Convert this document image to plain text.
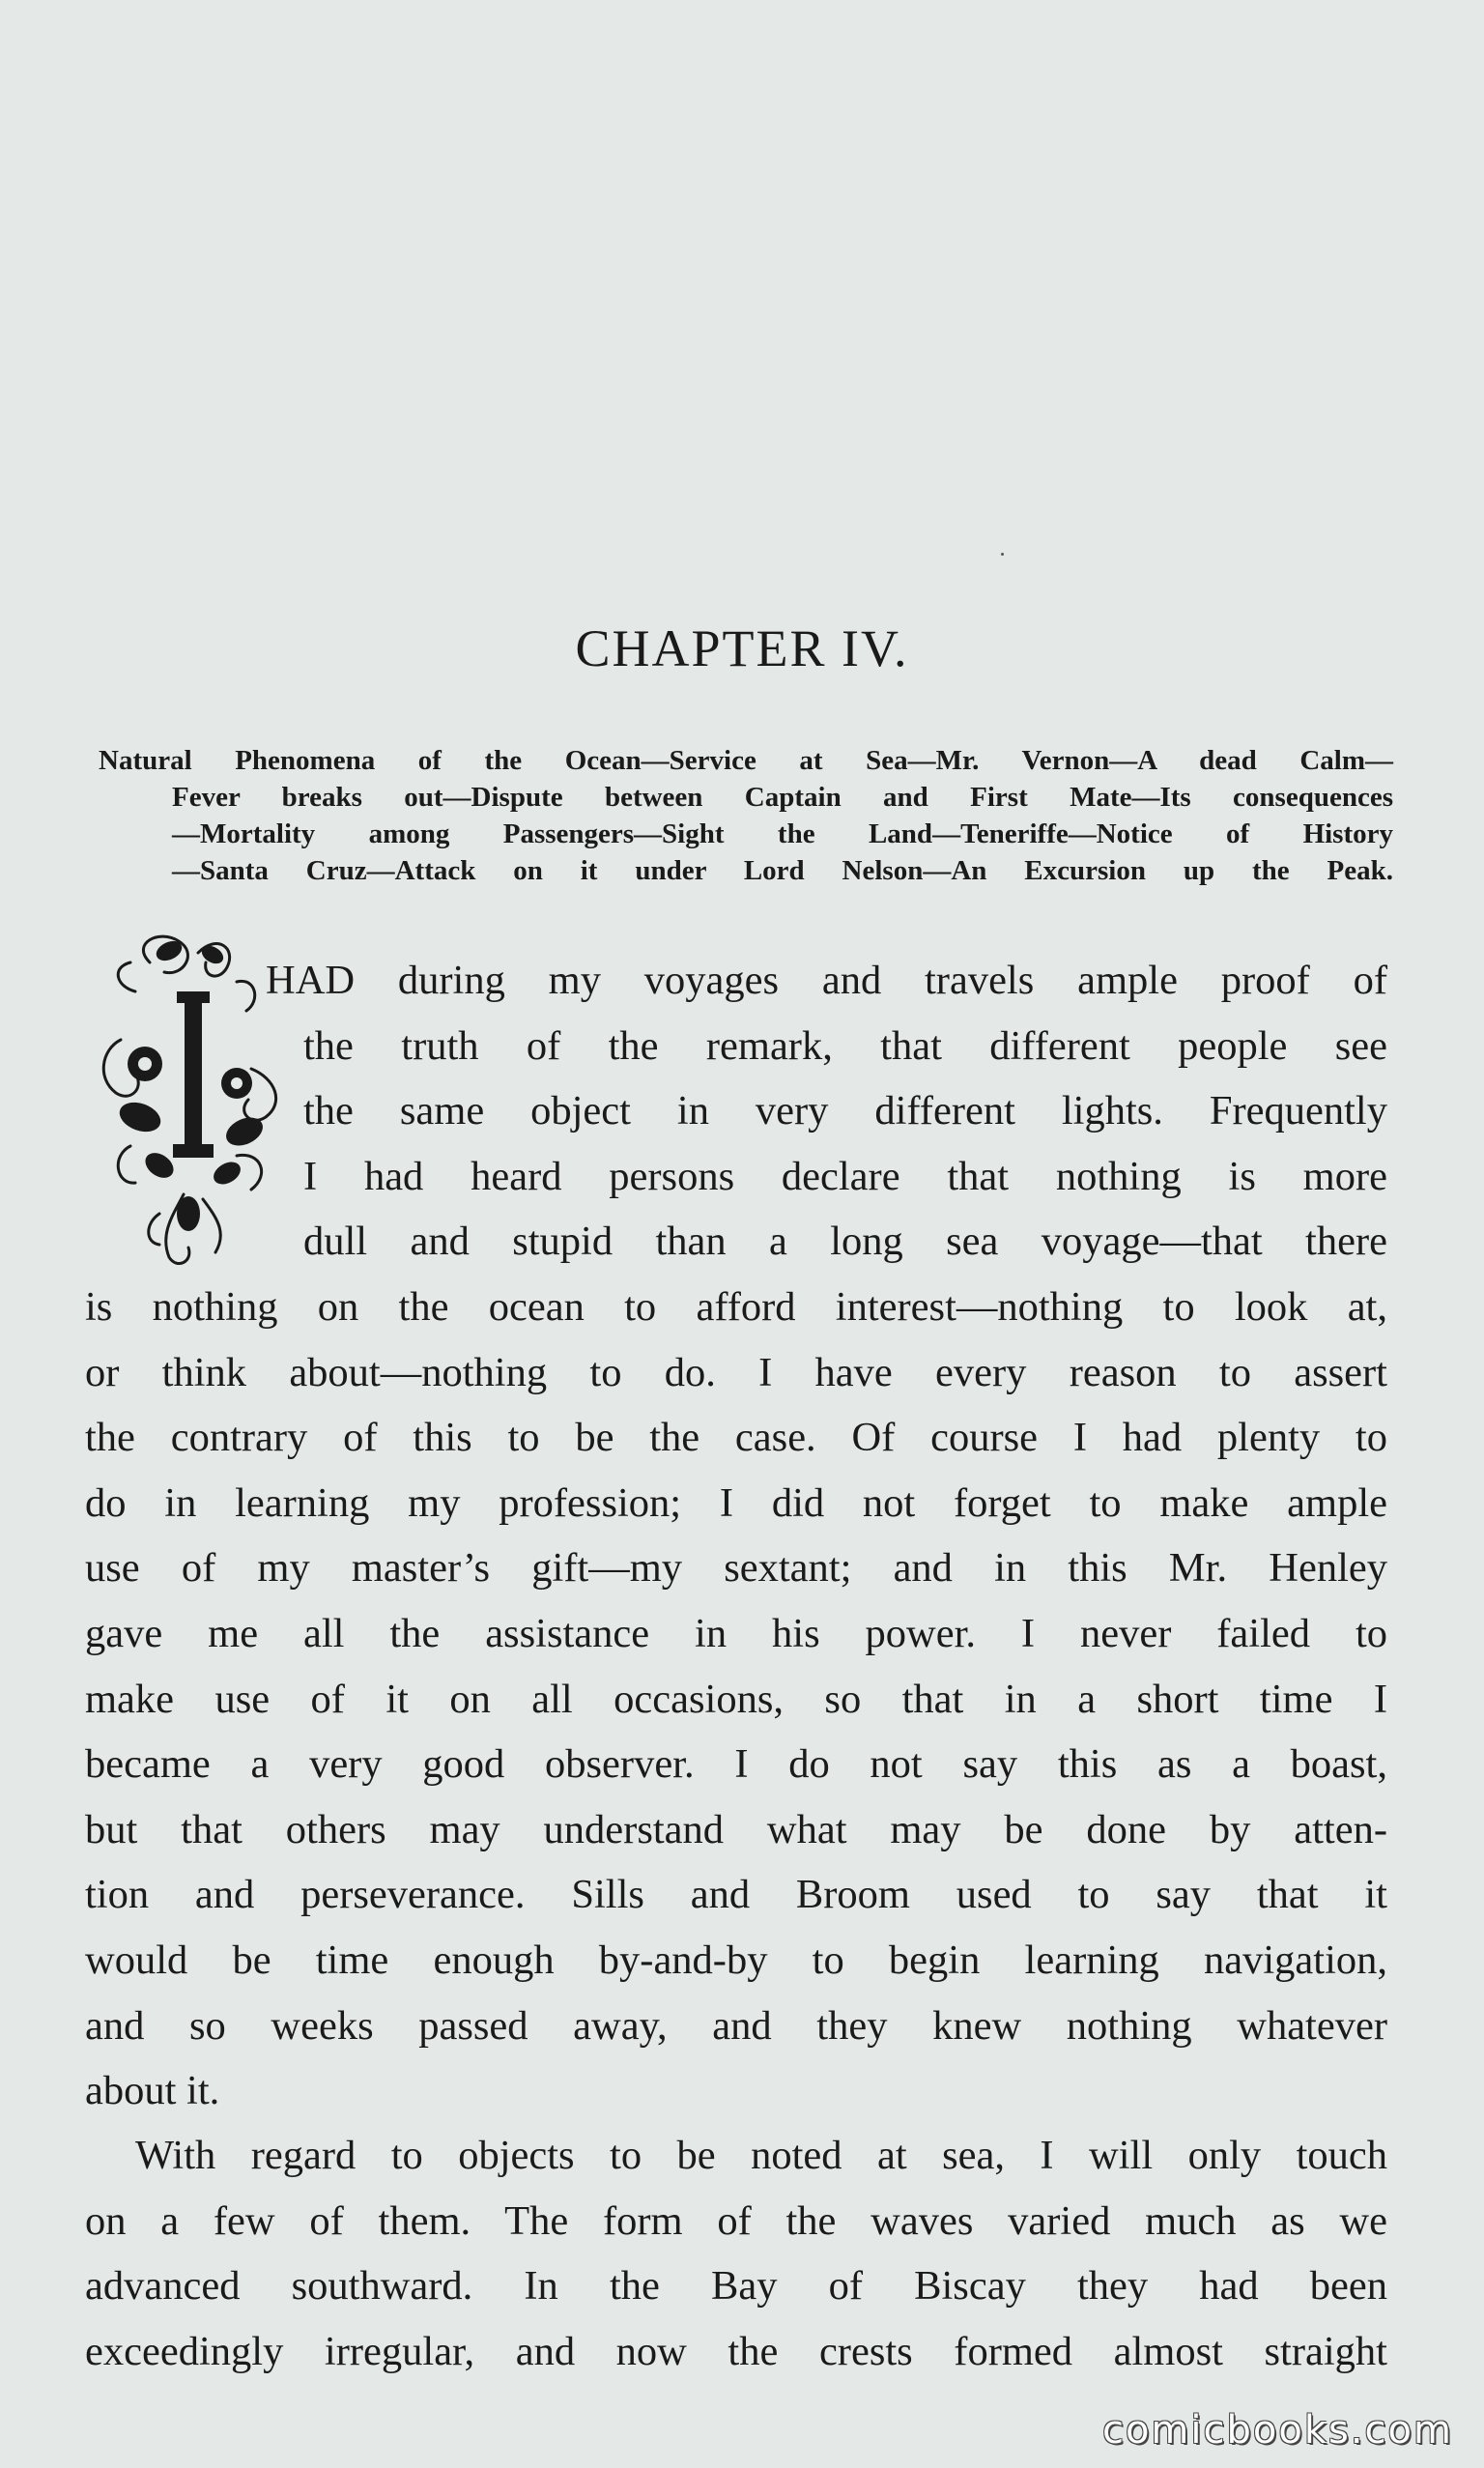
CHAPTER IV.
Natural Phenomena of the Ocean—Service at Sea—Mr. Vernon—A dead Calm—
Fever breaks out—Dispute between Captain and First Mate—Its consequences
—Mortality among Passengers—Sight the Land—Teneriffe—Notice of History
—Santa Cruz—Attack on it under Lord Nelson—An Excursion up the Peak.
HAD during my voyages and travels ample proof of
the truth of the remark, that different people see
the same object in very different lights. Frequently
I had heard persons declare that nothing is more
dull and stupid than a long sea voyage—that there
is nothing on the ocean to afford interest—nothing to look at,
or think about—nothing to do. I have every reason to assert
the contrary of this to be the case. Of course I had plenty to
do in learning my profession; I did not forget to make ample
use of my master’s gift—my sextant; and in this Mr. Henley
gave me all the assistance in his power. I never failed to
make use of it on all occasions, so that in a short time I
became a very good observer. I do not say this as a boast,
but that others may understand what may be done by atten-
tion and perseverance. Sills and Broom used to say that it
would be time enough by-and-by to begin learning navigation,
and so weeks passed away, and they knew nothing whatever
about it.
With regard to objects to be noted at sea, I will only touch
on a few of them. The form of the waves varied much as we
advanced southward. In the Bay of Biscay they had been
exceedingly irregular, and now the crests formed almost straight
comicbooks.com
